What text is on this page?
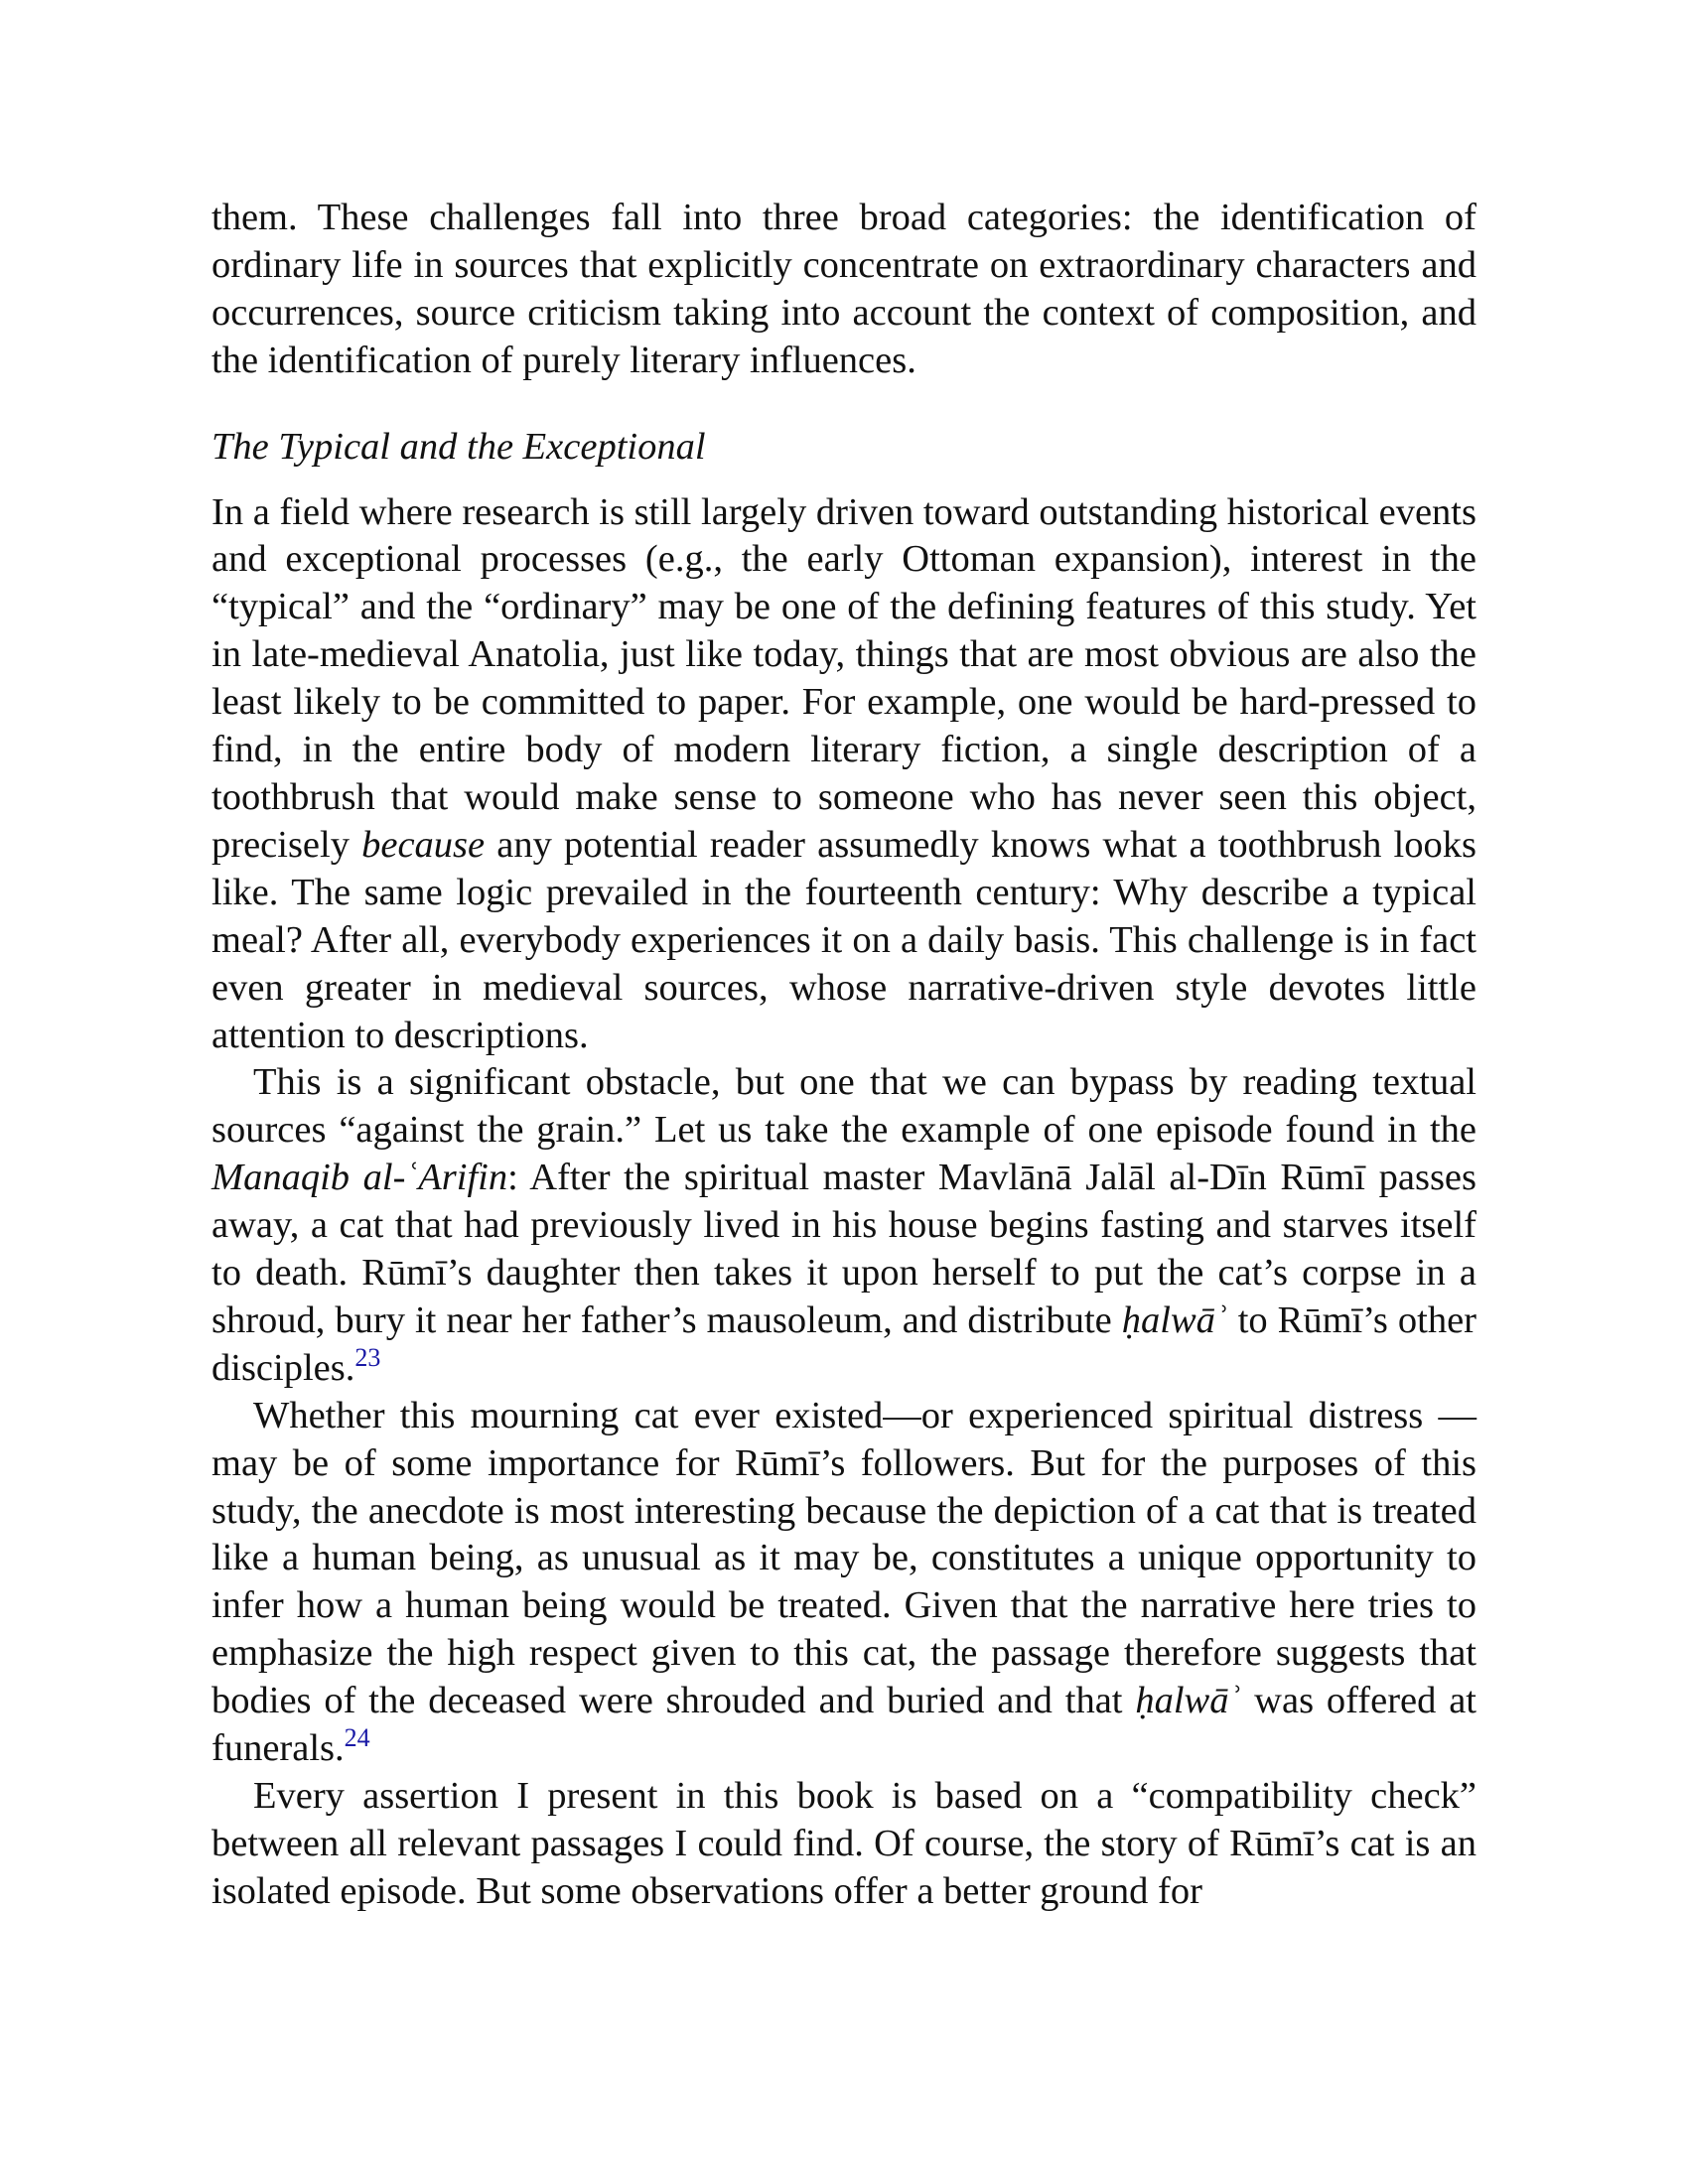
them. These challenges fall into three broad categories: the identification of ordinary life in sources that explicitly concentrate on extraordinary characters and occurrences, source criticism taking into account the context of composition, and the identification of purely literary influences.

The Typical and the Exceptional

In a field where research is still largely driven toward outstanding historical events and exceptional processes (e.g., the early Ottoman expansion), interest in the “typical” and the “ordinary” may be one of the defining features of this study. Yet in late-medieval Anatolia, just like today, things that are most obvious are also the least likely to be committed to paper. For example, one would be hard-pressed to find, in the entire body of modern literary fiction, a single description of a toothbrush that would make sense to someone who has never seen this object, precisely because any potential reader assumedly knows what a toothbrush looks like. The same logic prevailed in the fourteenth century: Why describe a typical meal? After all, everybody experiences it on a daily basis. This challenge is in fact even greater in medieval sources, whose narrative-driven style devotes little attention to descriptions.

This is a significant obstacle, but one that we can bypass by reading textual sources “against the grain.” Let us take the example of one episode found in the Manaqib al-ʿArifin: After the spiritual master Mavlānā Jalāl al-Dīn Rūmī passes away, a cat that had previously lived in his house begins fasting and starves itself to death. Rūmī’s daughter then takes it upon herself to put the cat’s corpse in a shroud, bury it near her father’s mausoleum, and distribute ḥalwāʾ to Rūmī’s other disciples.$^{23}$

Whether this mourning cat ever existed—or experienced spiritual distress —may be of some importance for Rūmī’s followers. But for the purposes of this study, the anecdote is most interesting because the depiction of a cat that is treated like a human being, as unusual as it may be, constitutes a unique opportunity to infer how a human being would be treated. Given that the narrative here tries to emphasize the high respect given to this cat, the passage therefore suggests that bodies of the deceased were shrouded and buried and that ḥalwāʾ was offered at funerals.$^{24}$

Every assertion I present in this book is based on a “compatibility check” between all relevant passages I could find. Of course, the story of Rūmī’s cat is an isolated episode. But some observations offer a better ground for
